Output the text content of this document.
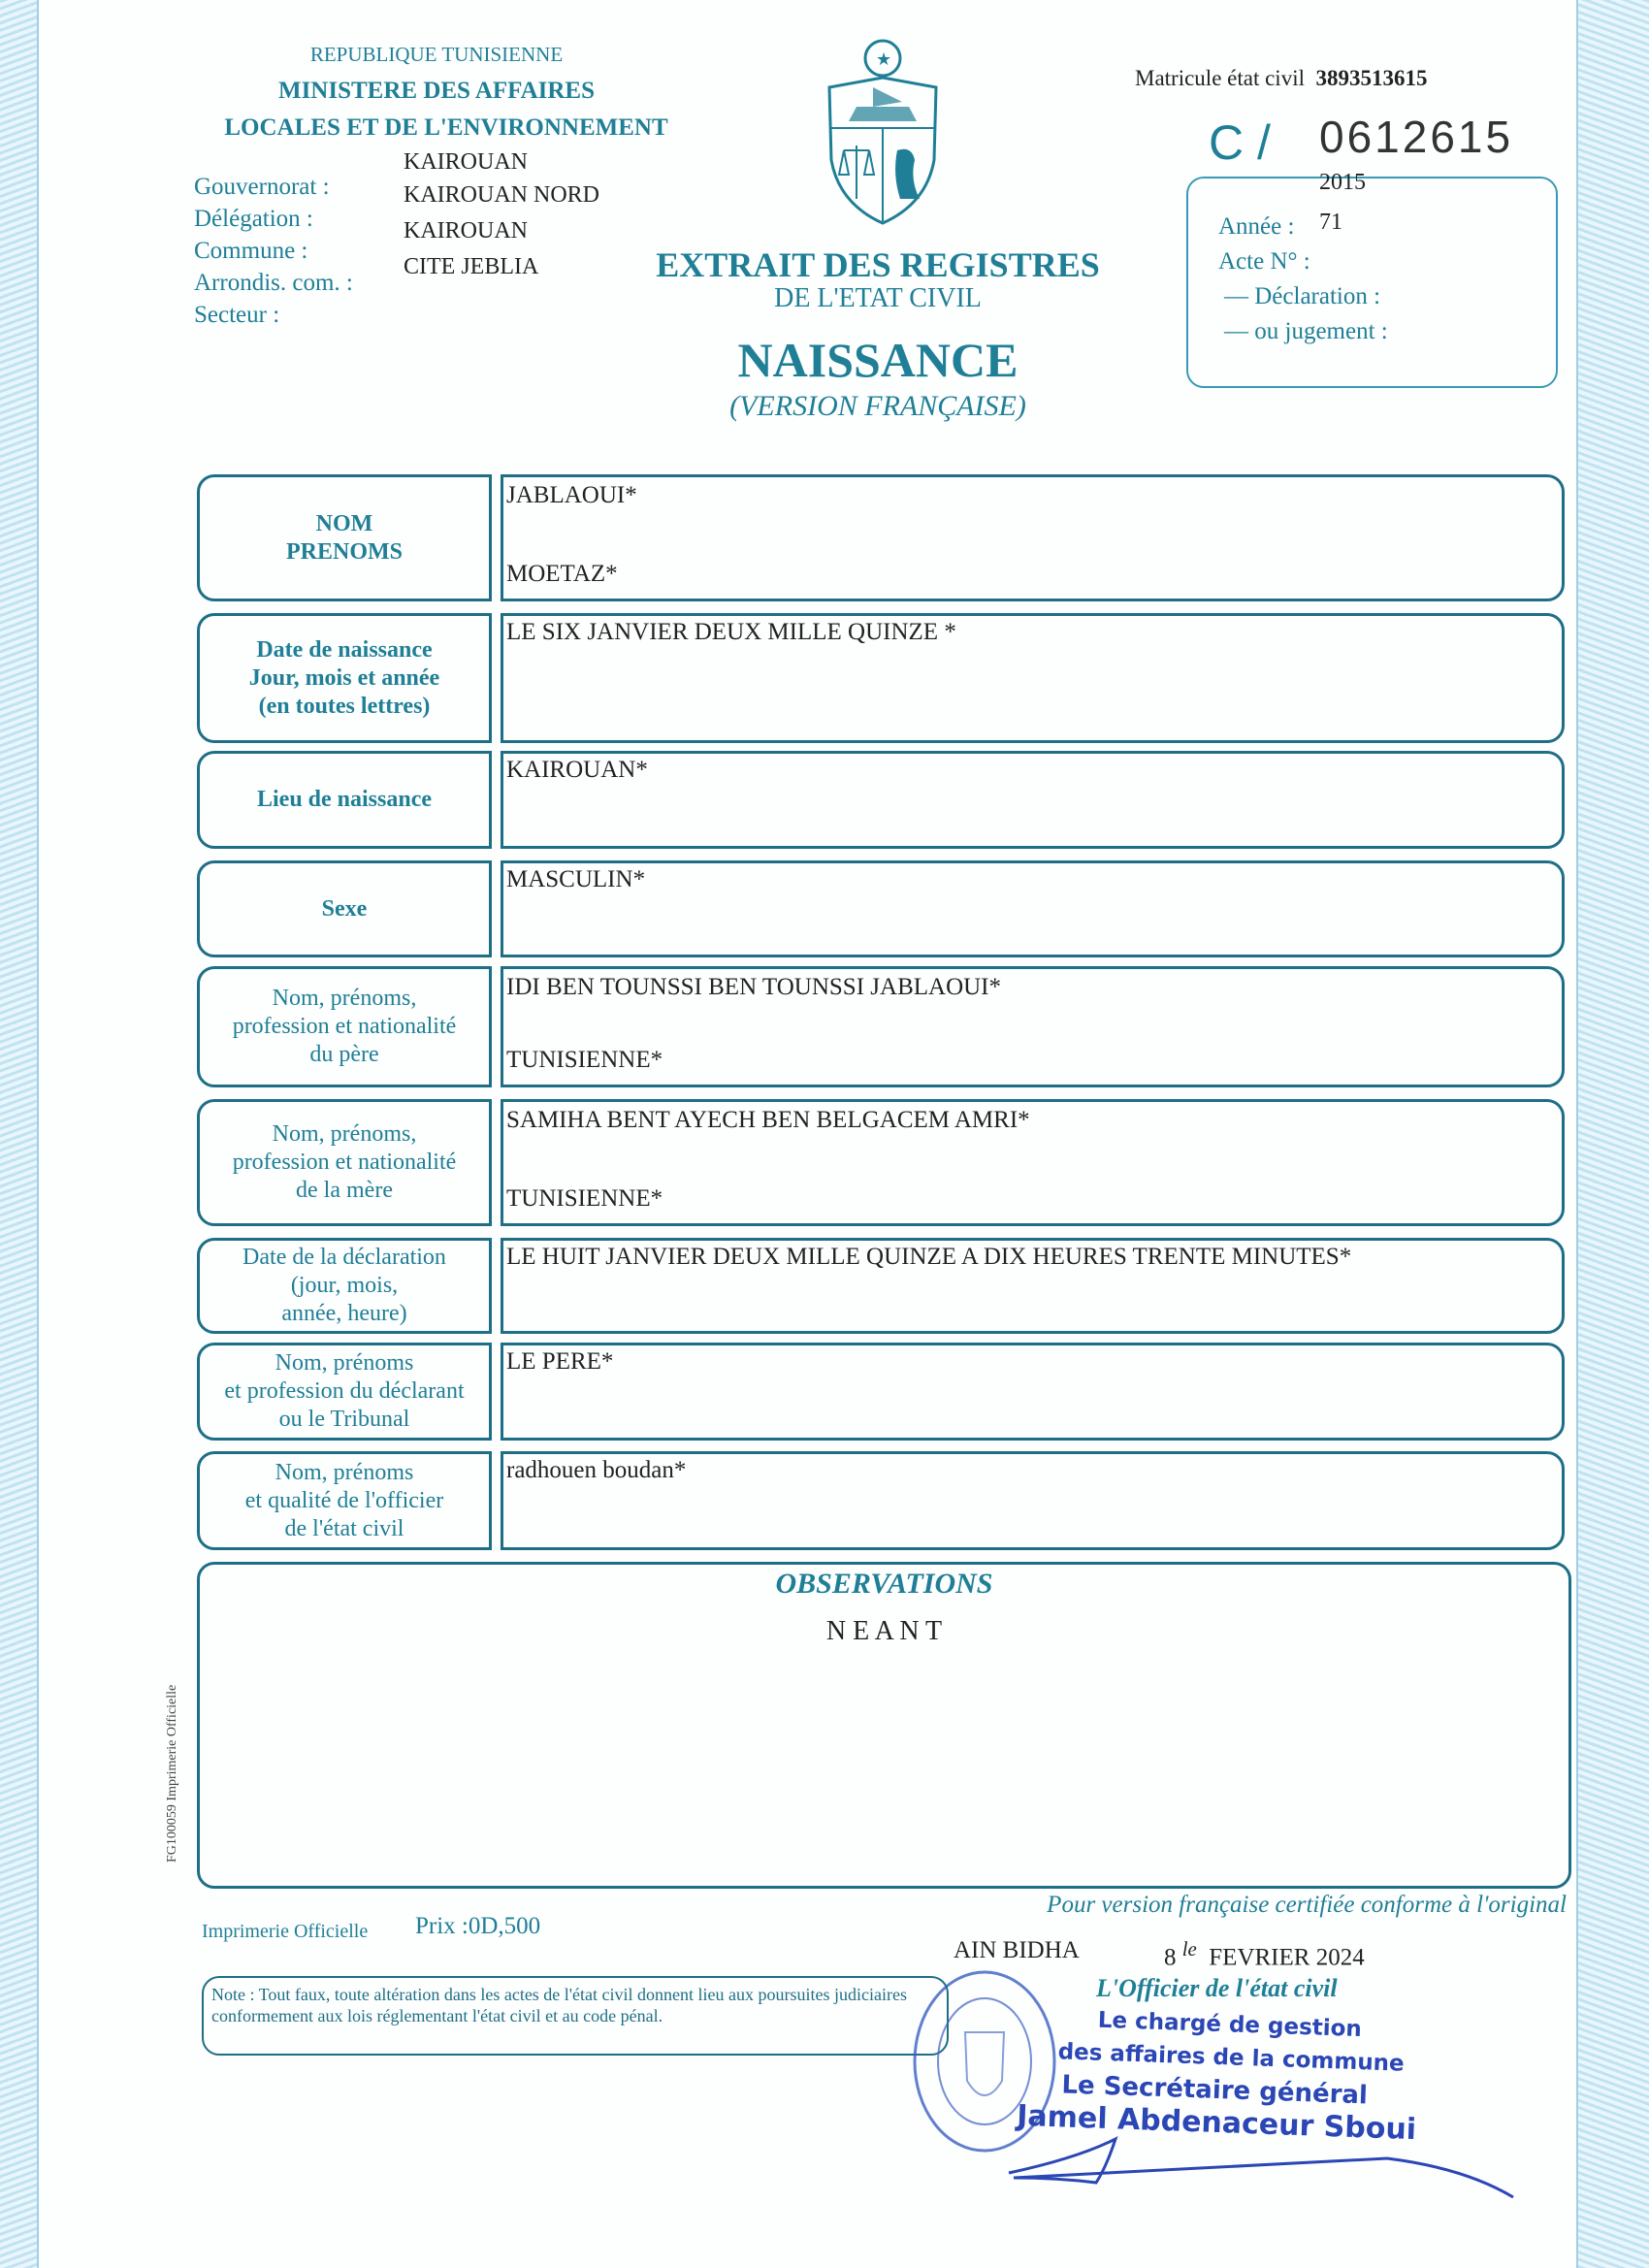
REPUBLIQUE TUNISIENNE
MINISTERE DES AFFAIRES
LOCALES ET DE L'ENVIRONNEMENT
Gouvernorat :
Délégation :
Commune :
Arrondis. com. :
Secteur :
KAIROUAN
KAIROUAN NORD
KAIROUAN
CITE JEBLIA
★
EXTRAIT DES REGISTRES
DE L'ETAT CIVIL
NAISSANCE
(VERSION FRANÇAISE)
Matricule état civil 3893513615
C / 0612615
2015
71
Année :
Acte N° :
— Déclaration :
— ou jugement :
NOM
PRENOMS
JABLAOUI*
MOETAZ*
Date de naissance
Jour, mois et année
(en toutes lettres)
LE SIX JANVIER DEUX MILLE QUINZE *
Lieu de naissance
KAIROUAN*
Sexe
MASCULIN*
Nom, prénoms,
profession et nationalité
du père
IDI BEN TOUNSSI BEN TOUNSSI JABLAOUI*
TUNISIENNE*
Nom, prénoms,
profession et nationalité
de la mère
SAMIHA BENT AYECH BEN BELGACEM AMRI*
TUNISIENNE*
Date de la déclaration
(jour, mois,
année, heure)
LE HUIT JANVIER DEUX MILLE QUINZE A DIX HEURES TRENTE MINUTES*
Nom, prénoms
et profession du déclarant
ou le Tribunal
LE PERE*
Nom, prénoms
et qualité de l'officier
de l'état civil
radhouen boudan*
OBSERVATIONS
N E A N T
FG100059 Imprimerie Officielle
Pour version française certifiée conforme à l'original
Imprimerie Officielle Prix :0D,500
AIN BIDHA	8 $^{le}$ FEVRIER 2024
L'Officier de l'état civil
Note : Tout faux, toute altération dans les actes de l'état civil donnent lieu aux poursuites judiciaires conformement aux lois réglementant l'état civil et au code pénal.	Le chargé de gestion
des affaires de la commune
Le Secrétaire général
Jamel Abdenaceur Sboui
